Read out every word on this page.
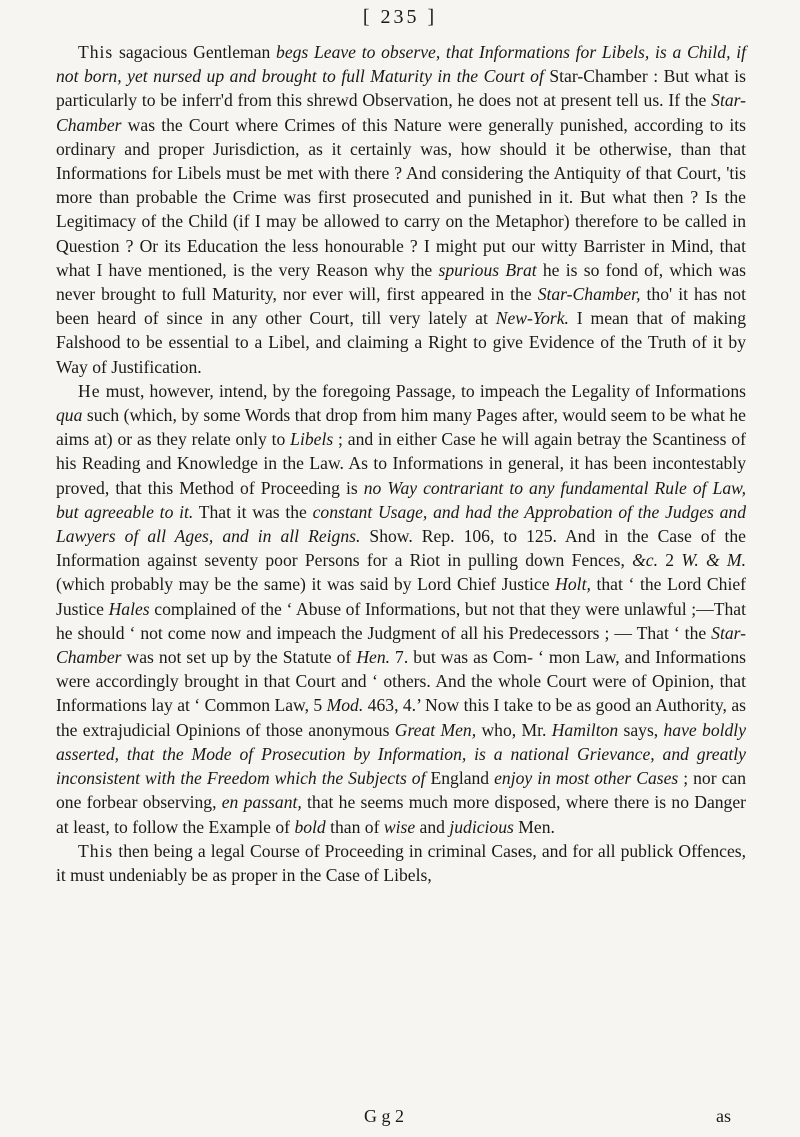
[ 235 ]

This sagacious Gentleman begs Leave to observe, that Informations for Libels, is a Child, if not born, yet nursed up and brought to full Maturity in the Court of Star-Chamber : But what is particularly to be inferr'd from this shrewd Observation, he does not at present tell us. If the Star-Chamber was the Court where Crimes of this Nature were generally punished, according to its ordinary and proper Jurisdiction, as it certainly was, how should it be otherwise, than that Informations for Libels must be met with there ? And considering the Antiquity of that Court, 'tis more than probable the Crime was first prosecuted and punished in it. But what then ? Is the Legitimacy of the Child (if I may be allowed to carry on the Metaphor) therefore to be called in Question ? Or its Education the less honourable ? I might put our witty Barrister in Mind, that what I have mentioned, is the very Reason why the spurious Brat he is so fond of, which was never brought to full Maturity, nor ever will, first appeared in the Star-Chamber, tho' it has not been heard of since in any other Court, till very lately at New-York. I mean that of making Falshood to be essential to a Libel, and claiming a Right to give Evidence of the Truth of it by Way of Justification.

He must, however, intend, by the foregoing Passage, to impeach the Legality of Informations qua such (which, by some Words that drop from him many Pages after, would seem to be what he aims at) or as they relate only to Libels ; and in either Case he will again betray the Scantiness of his Reading and Knowledge in the Law. As to Informations in general, it has been incontestably proved, that this Method of Proceeding is no Way contrariant to any fundamental Rule of Law, but agreeable to it. That it was the constant Usage, and had the Approbation of the Judges and Lawyers of all Ages, and in all Reigns. Show. Rep. 106, to 125. And in the Case of the Information against seventy poor Persons for a Riot in pulling down Fences, &c. 2 W. & M. (which probably may be the same) it was said by Lord Chief Justice Holt, that ‘ the Lord Chief Justice Hales complained of the ‘ Abuse of Informations, but not that they were unlawful ;—That he should ‘ not come now and impeach the Judgment of all his Predecessors ; — That ‘ the Star-Chamber was not set up by the Statute of Hen. 7. but was as Com- ‘ mon Law, and Informations were accordingly brought in that Court and ‘ others. And the whole Court were of Opinion, that Informations lay at ‘ Common Law, 5 Mod. 463, 4.’ Now this I take to be as good an Authority, as the extrajudicial Opinions of those anonymous Great Men, who, Mr. Hamilton says, have boldly asserted, that the Mode of Prosecution by Information, is a national Grievance, and greatly inconsistent with the Freedom which the Subjects of England enjoy in most other Cases ; nor can one forbear observing, en passant, that he seems much more disposed, where there is no Danger at least, to follow the Example of bold than of wise and judicious Men.

This then being a legal Course of Proceeding in criminal Cases, and for all publick Offences, it must undeniably be as proper in the Case of Libels,

G g 2	as
